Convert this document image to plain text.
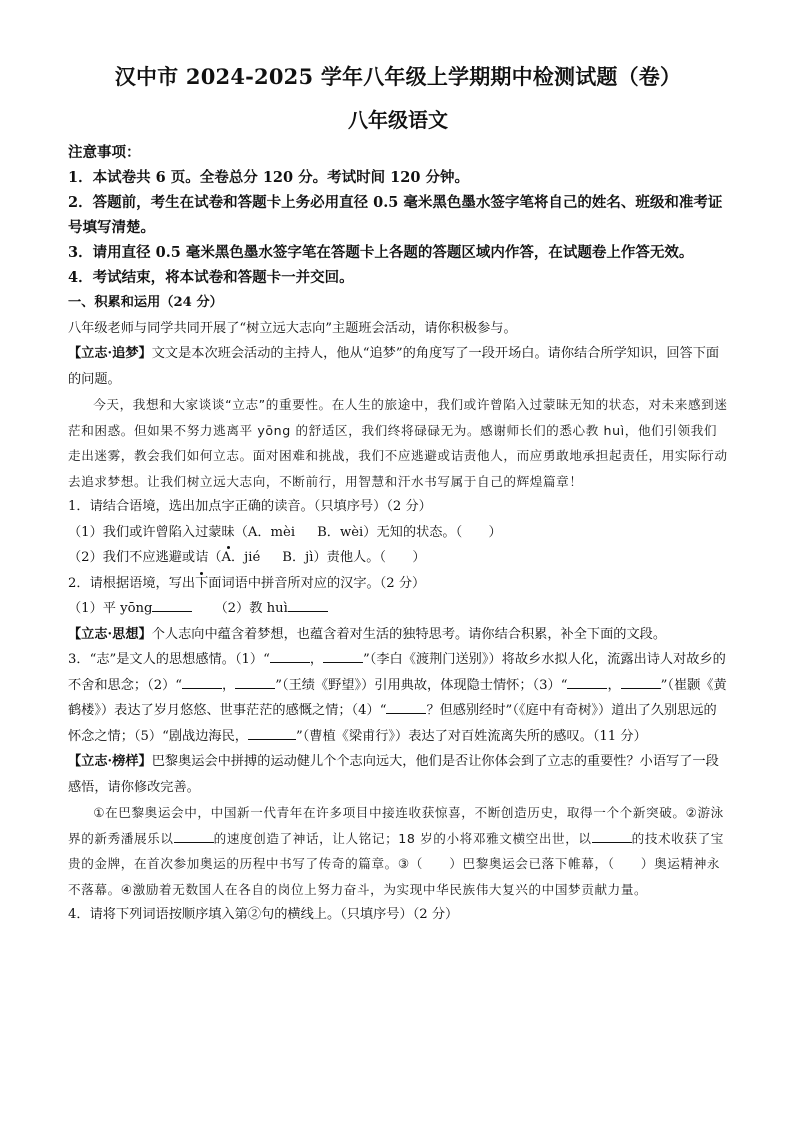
汉中市 2024-2025 学年八年级上学期期中检测试题（卷）
八年级语文

注意事项：

1．本试卷共 6 页。全卷总分 120 分。考试时间 120 分钟。

2．答题前，考生在试卷和答题卡上务必用直径 0.5 毫米黑色墨水签字笔将自己的姓名、班级和准考证号填写清楚。

3．请用直径 0.5 毫米黑色墨水签字笔在答题卡上各题的答题区域内作答，在试题卷上作答无效。

4．考试结束，将本试卷和答题卡一并交回。

一、积累和运用（24 分）

八年级老师与同学共同开展了“树立远大志向”主题班会活动，请你积极参与。

【立志·追梦】文文是本次班会活动的主持人，他从“追梦”的角度写了一段开场白。请你结合所学知识，回答下面的问题。

今天，我想和大家谈谈“立志”的重要性。在人生的旅途中，我们或许曾陷入过蒙昧无知的状态，对未来感到迷茫和困惑。但如果不努力逃离平 yōng 的舒适区，我们终将碌碌无为。感谢师长们的悉心教 huì，他们引领我们走出迷雾，教会我们如何立志。面对困难和挑战，我们不应逃避或诘责他人，而应勇敢地承担起责任，用实际行动去追求梦想。让我们树立远大志向，不断前行，用智慧和汗水书写属于自己的辉煌篇章！

1．请结合语境，选出加点字正确的读音。（只填序号）（2 分）

（1）我们或许曾陷入过蒙昧（A．mèi B．wèi）无知的状态。（　　）

（2）我们不应逃避或诘（A．jié B．jì）责他人。（　　）

2．请根据语境，写出下面词语中拼音所对应的汉字。（2 分）

（1）平 yōng	（2）教 huì

【立志·思想】个人志向中蕴含着梦想，也蕴含着对生活的独特思考。请你结合积累，补全下面的文段。

3．“志”是文人的思想感情。（1）“	，	”（李白《渡荆门送别》）将故乡水拟人化，流露出诗人对故乡的不舍和思念；（2）“	，	”（王绩《野望》）引用典故，体现隐士情怀；（3）“	，	”（崔颢《黄鹤楼》）表达了岁月悠悠、世事茫茫的感慨之情；（4）“	？但感别经时”（《庭中有奇树》）道出了久别思远的怀念之情；（5）“剧战边海民，	”（曹植《梁甫行》）表达了对百姓流离失所的感叹。（11 分）

【立志·榜样】巴黎奥运会中拼搏的运动健儿个个志向远大，他们是否让你体会到了立志的重要性？小语写了一段感悟，请你修改完善。

①在巴黎奥运会中，中国新一代青年在许多项目中接连收获惊喜，不断创造历史，取得一个个新突破。②游泳界的新秀潘展乐以	的速度创造了神话，让人铭记；18 岁的小将邓雅文横空出世，以	的技术收获了宝贵的金牌，在首次参加奥运的历程中书写了传奇的篇章。③（　　）巴黎奥运会已落下帷幕，（　　）奥运精神永不落幕。④激励着无数国人在各自的岗位上努力奋斗，为实现中华民族伟大复兴的中国梦贡献力量。

4．请将下列词语按顺序填入第②句的横线上。（只填序号）（2 分）
